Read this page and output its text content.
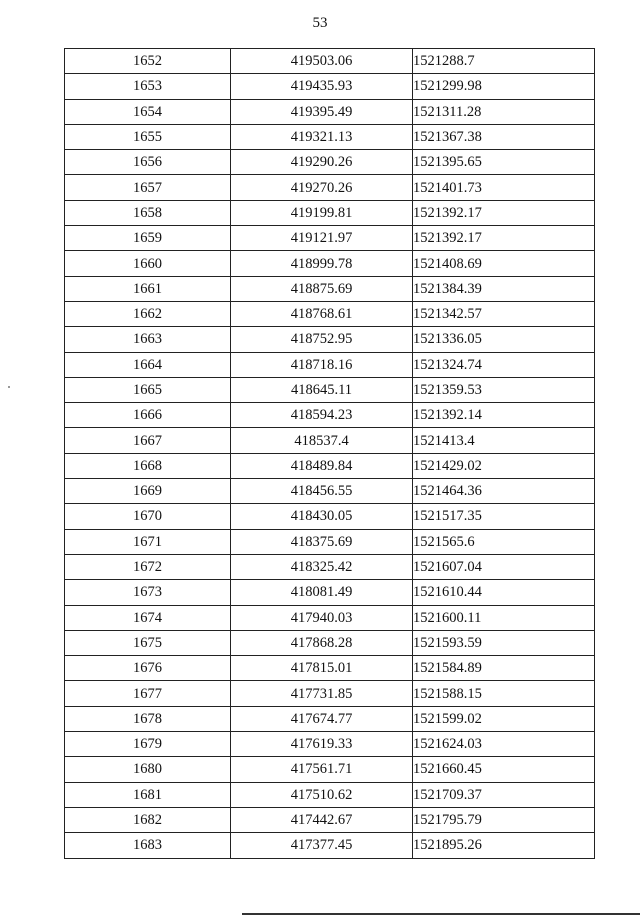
53
1652	419503.06	1521288.7
1653	419435.93	1521299.98
1654	419395.49	1521311.28
1655	419321.13	1521367.38
1656	419290.26	1521395.65
1657	419270.26	1521401.73
1658	419199.81	1521392.17
1659	419121.97	1521392.17
1660	418999.78	1521408.69
1661	418875.69	1521384.39
1662	418768.61	1521342.57
1663	418752.95	1521336.05
1664	418718.16	1521324.74
1665	418645.11	1521359.53
1666	418594.23	1521392.14
1667	418537.4	1521413.4
1668	418489.84	1521429.02
1669	418456.55	1521464.36
1670	418430.05	1521517.35
1671	418375.69	1521565.6
1672	418325.42	1521607.04
1673	418081.49	1521610.44
1674	417940.03	1521600.11
1675	417868.28	1521593.59
1676	417815.01	1521584.89
1677	417731.85	1521588.15
1678	417674.77	1521599.02
1679	417619.33	1521624.03
1680	417561.71	1521660.45
1681	417510.62	1521709.37
1682	417442.67	1521795.79
1683	417377.45	1521895.26
